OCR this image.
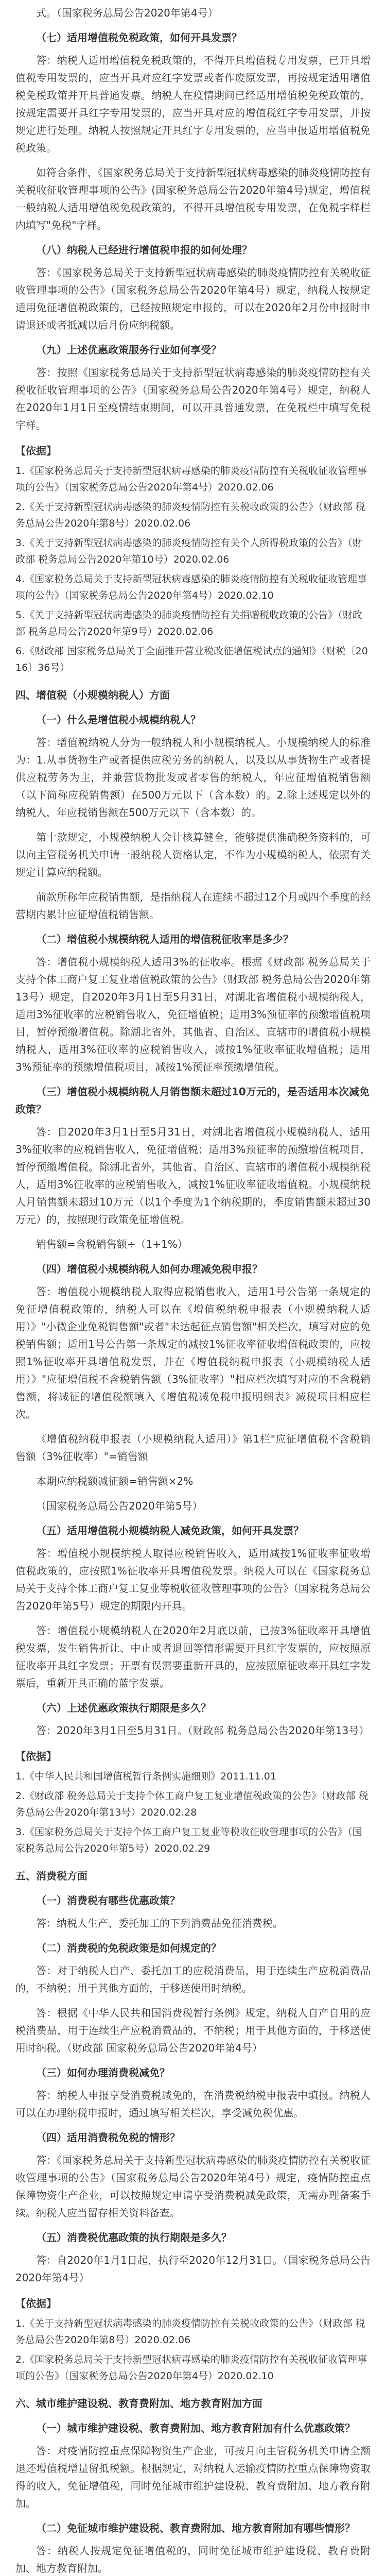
式。（国家税务总局公告2020年第4号）

（七）适用增值税免税政策，如何开具发票？

答：纳税人适用增值税免税政策的，不得开具增值税专用发票，已开具增值税专用发票的，应当开具对应红字发票或者作废原发票，再按规定适用增值税免税政策并开具普通发票。纳税人在疫情期间已经适用增值税免税政策的，按规定需要开具红字专用发票的，应当开具对应的增值税红字专用发票，并按规定进行处理。纳税人按照规定开具红字专用发票的，应当申报适用增值税免税政策。

如符合条件，《国家税务总局关于支持新型冠状病毒感染的肺炎疫情防控有关税收征收管理事项的公告》(国家税务总局公告2020年第4号)规定，增值税一般纳税人适用增值税免税政策的，不得开具增值税专用发票，在免税字样栏内填写"免税"字样。

（八）纳税人已经进行增值税申报的如何处理？

答：《国家税务总局关于支持新型冠状病毒感染的肺炎疫情防控有关税收征收管理事项的公告》（国家税务总局公告2020年第4号）规定，纳税人按规定适用免征增值税政策的，已经按照规定申报的，可以在2020年2月份申报时申请退还或者抵减以后月份应纳税额。

（九）上述优惠政策服务行业如何享受？

答：按照《国家税务总局关于支持新型冠状病毒感染的肺炎疫情防控有关税收征收管理事项的公告》（国家税务总局公告2020年第4号）规定，纳税人在2020年1月1日至疫情结束期间，可以开具普通发票，在免税栏中填写免税字样。

【依据】

1.《国家税务总局关于支持新型冠状病毒感染的肺炎疫情防控有关税收征收管理事项的公告》（国家税务总局公告2020年第4号）2020.02.06

2.《关于支持新型冠状病毒感染的肺炎疫情防控有关税收政策的公告》（财政部 税务总局公告2020年第8号）2020.02.06

3.《关于支持新型冠状病毒感染的肺炎疫情防控有关个人所得税政策的公告》（财政部 税务总局公告2020年第10号）2020.02.06

4.《国家税务总局关于支持新型冠状病毒感染的肺炎疫情防控有关税收征收管理事项的公告》（国家税务总局公告2020年第4号）2020.02.10

5.《关于支持新型冠状病毒感染的肺炎疫情防控有关捐赠税收政策的公告》（财政部 税务总局公告2020年第9号）2020.02.06

6.《财政部 国家税务总局关于全面推开营业税改征增值税试点的通知》（财税〔2016〕36号）

四、增值税（小规模纳税人）方面

（一）什么是增值税小规模纳税人？

答：增值税纳税人分为一般纳税人和小规模纳税人。小规模纳税人的标准为：1.从事货物生产或者提供应税劳务的纳税人，以及以从事货物生产或者提供应税劳务为主，并兼营货物批发或者零售的纳税人，年应征增值税销售额（以下简称应税销售额）在500万元以下（含本数）的。2.除上述规定以外的纳税人，年应税销售额在500万元以下（含本数）的。

第十款规定，小规模纳税人会计核算健全，能够提供准确税务资料的，可以向主管税务机关申请一般纳税人资格认定，不作为小规模纳税人，依照有关规定计算应纳税额。

前款所称年应税销售额，是指纳税人在连续不超过12个月或四个季度的经营期内累计应征增值税销售额。

（二）增值税小规模纳税人适用的增值税征收率是多少？

答：增值税小规模纳税人适用3%的征收率。根据《财政部 税务总局关于支持个体工商户复工复业增值税政策的公告》（财政部 税务总局公告2020年第13号）规定，自2020年3月1日至5月31日，对湖北省增值税小规模纳税人，适用3%征收率的应税销售收入，免征增值税；适用3%预征率的预缴增值税项目，暂停预缴增值税。除湖北省外，其他省、自治区、直辖市的增值税小规模纳税人，适用3%征收率的应税销售收入，减按1%征收率征收增值税；适用3%预征率的预缴增值税项目，减按1%预征率预缴增值税。

（三）增值税小规模纳税人月销售额未超过10万元的，是否适用本次减免政策？

答：自2020年3月1日至5月31日，对湖北省增值税小规模纳税人，适用3%征收率的应税销售收入，免征增值税；适用3%预征率的预缴增值税项目，暂停预缴增值税。除湖北省外，其他省、自治区、直辖市的增值税小规模纳税人，适用3%征收率的应税销售收入，减按1%征收率征收增值税。小规模纳税人月销售额未超过10万元（以1个季度为1个纳税期的，季度销售额未超过30万元）的，按照现行政策免征增值税。

销售额=含税销售额÷（1+1%）

（四）增值税小规模纳税人如何办理减免税申报？

答：增值税小规模纳税人取得应税销售收入，适用1号公告第一条规定的免征增值税政策的，纳税人可以在《增值税纳税申报表（小规模纳税人适用）》"小微企业免税销售额"或者"未达起征点销售额"相关栏次，填写对应的免税销售额；适用1号公告第一条规定的减按1%征收率征收增值税政策的，应按照1%征收率开具增值税发票，并在《增值税纳税申报表（小规模纳税人适用）》"应征增值税不含税销售额（3%征收率）"相应栏次填写对应的不含税销售额，将减征的增值税额填入《增值税减免税申报明细表》减税项目相应栏次。

《增值税纳税申报表（小规模纳税人适用）》第1栏"应征增值税不含税销售额（3%征收率）"=销售额

本期应纳税额减征额=销售额×2%

（国家税务总局公告2020年第5号）

（五）适用增值税小规模纳税人减免政策，如何开具发票？

答：增值税小规模纳税人取得应税销售收入，适用减按1%征收率征收增值税政策的，应按照1%征收率开具增值税发票。纳税人可以在《国家税务总局关于支持个体工商户复工复业等税收征收管理事项的公告》（国家税务总局公告2020年第5号）规定的期限内开具。

答：增值税小规模纳税人在2020年2月底以前，已按3%征收率开具增值税发票，发生销售折让、中止或者退回等情形需要开具红字发票的，应按照原征收率开具红字发票；开票有误需要重新开具的，应按照原征收率开具红字发票后，重新开具正确的蓝字发票。

（六）上述优惠政策执行期限是多久？

答：2020年3月1日至5月31日。（财政部 税务总局公告2020年第13号）

【依据】

1.《中华人民共和国增值税暂行条例实施细则》2011.11.01

2.《财政部 税务总局关于支持个体工商户复工复业增值税政策的公告》（财政部 税务总局公告2020年第13号）2020.02.28

3.《国家税务总局关于支持个体工商户复工复业等税收征收管理事项的公告》（国家税务总局公告2020年第5号）2020.02.29

五、消费税方面

（一）消费税有哪些优惠政策？

答：纳税人生产、委托加工的下列消费品免征消费税。

（二）消费税的免税政策是如何规定的？

答：对于纳税人自产、委托加工的应税消费品，用于连续生产应税消费品的，不纳税；用于其他方面的，于移送使用时纳税。

答：根据《中华人民共和国消费税暂行条例》规定，纳税人自产自用的应税消费品，用于连续生产应税消费品的，不纳税；用于其他方面的，于移送使用时纳税。（财政部 国家税务总局公告2020年第4号）

（三）如何办理消费税减免？

答：纳税人申报享受消费税减免的，在消费税纳税申报表中填报。纳税人可以在办理纳税申报时，通过填写相关栏次，享受减免税优惠。

（四）适用消费税免税的情形？

答：《国家税务总局关于支持新型冠状病毒感染的肺炎疫情防控有关税收征收管理事项的公告》（国家税务总局公告2020年第4号）规定，疫情防控重点保障物资生产企业，可以按照规定申请享受消费税减免政策，无需办理备案手续。纳税人应当留存相关资料备查。

（五）消费税优惠政策的执行期限是多久？

答：自2020年1月1日起，执行至2020年12月31日。（国家税务总局公告2020年第4号）

【依据】

1.《关于支持新型冠状病毒感染的肺炎疫情防控有关税收政策的公告》（财政部 税务总局公告2020年第8号）2020.02.06

2.《国家税务总局关于支持新型冠状病毒感染的肺炎疫情防控有关税收征收管理事项的公告》（国家税务总局公告2020年第4号）2020.02.10

六、城市维护建设税、教育费附加、地方教育附加方面

（一）城市维护建设税、教育费附加、地方教育附加有什么优惠政策？

答：对疫情防控重点保障物资生产企业，可按月向主管税务机关申请全额退还增值税增量留抵税额。根据规定，对纳税人运输疫情防控重点保障物资取得的收入，免征增值税，同时免征城市维护建设税、教育费附加、地方教育附加。

（二）免征城市维护建设税、教育费附加、地方教育附加有哪些情形？

答：纳税人按规定免征增值税的，同时免征城市维护建设税、教育费附加、地方教育附加。
